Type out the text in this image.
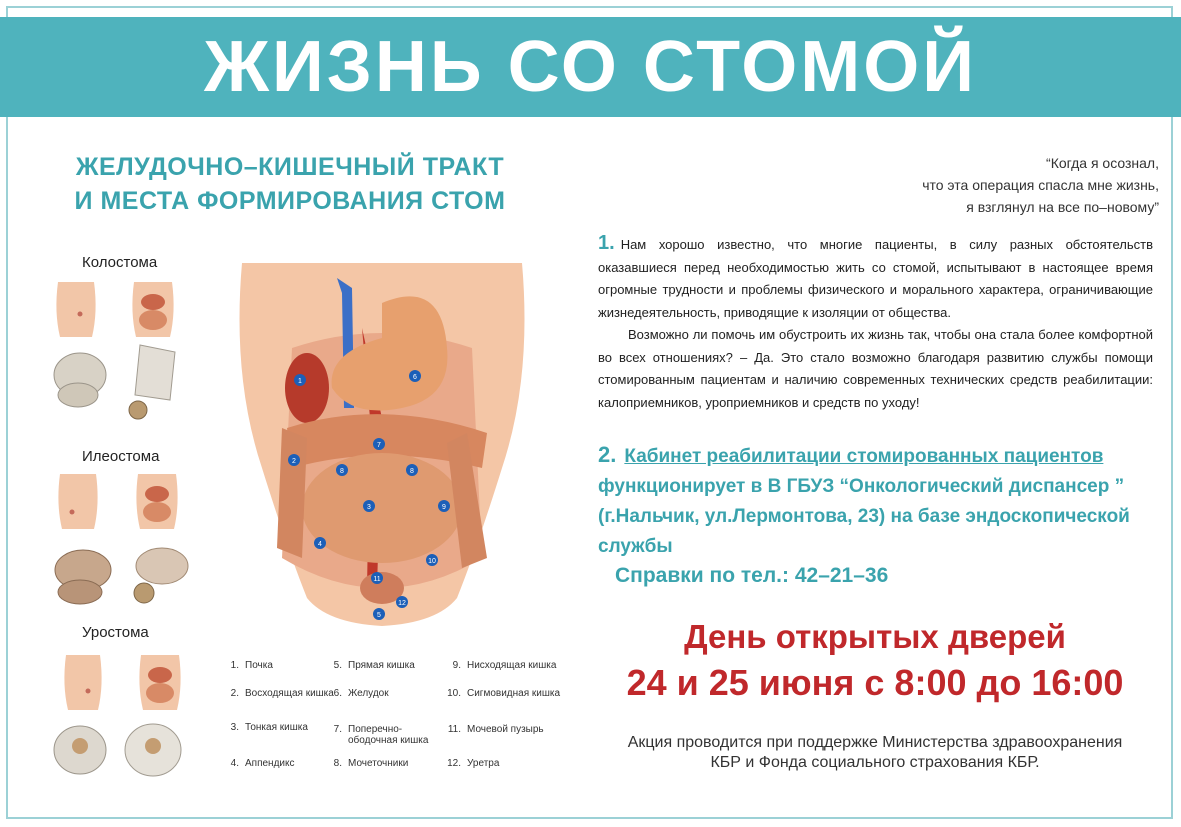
ЖИЗНЬ СО СТОМОЙ
ЖЕЛУДОЧНО–КИШЕЧНЫЙ ТРАКТ
И МЕСТА ФОРМИРОВАНИЯ СТОМ
Колостома
Илеостома
Уростома
1
2
3
4
5
6
7
8	8
9
10
11
12
1. Почка
2. Восходящая кишка
3. Тонкая кишка
4. Аппендикс
5. Прямая кишка
6. Желудок
7. Поперечно-ободочная кишка
8. Мочеточники
9. Нисходящая кишка
10. Сигмовидная кишка
11. Мочевой пузырь
12. Уретра
“Когда я осознал,
что эта операция спасла мне жизнь,
я взглянул на все по–новому”

1. Нам хорошо известно, что многие пациенты, в силу разных обстоятельств оказавшиеся перед необходимостью жить со стомой, испытывают в настоящее время огромные трудности и проблемы физического и морального характера, ограничивающие жизнедеятельность, приводящие к изоляции от общества.

Возможно ли помочь им обустроить их жизнь так, чтобы она стала более комфортной во всех отношениях? – Да. Это стало возможно благодаря развитию службы помощи стомированным пациентам и наличию современных технических средств реабилитации: калоприемников, уроприемников и средств по уходу!

2. Кабинет реабилитации стомированных пациентов
функционирует в В ГБУЗ “Онкологический диспансер ” (г.Нальчик, ул.Лермонтова, 23) на базе эндоскопической службы
Справки по тел.: 42–21–36
День открытых дверей
24 и 25 июня с 8:00 до 16:00
Акция проводится при поддержке Министерства здравоохранения
КБР и Фонда социального страхования КБР.
